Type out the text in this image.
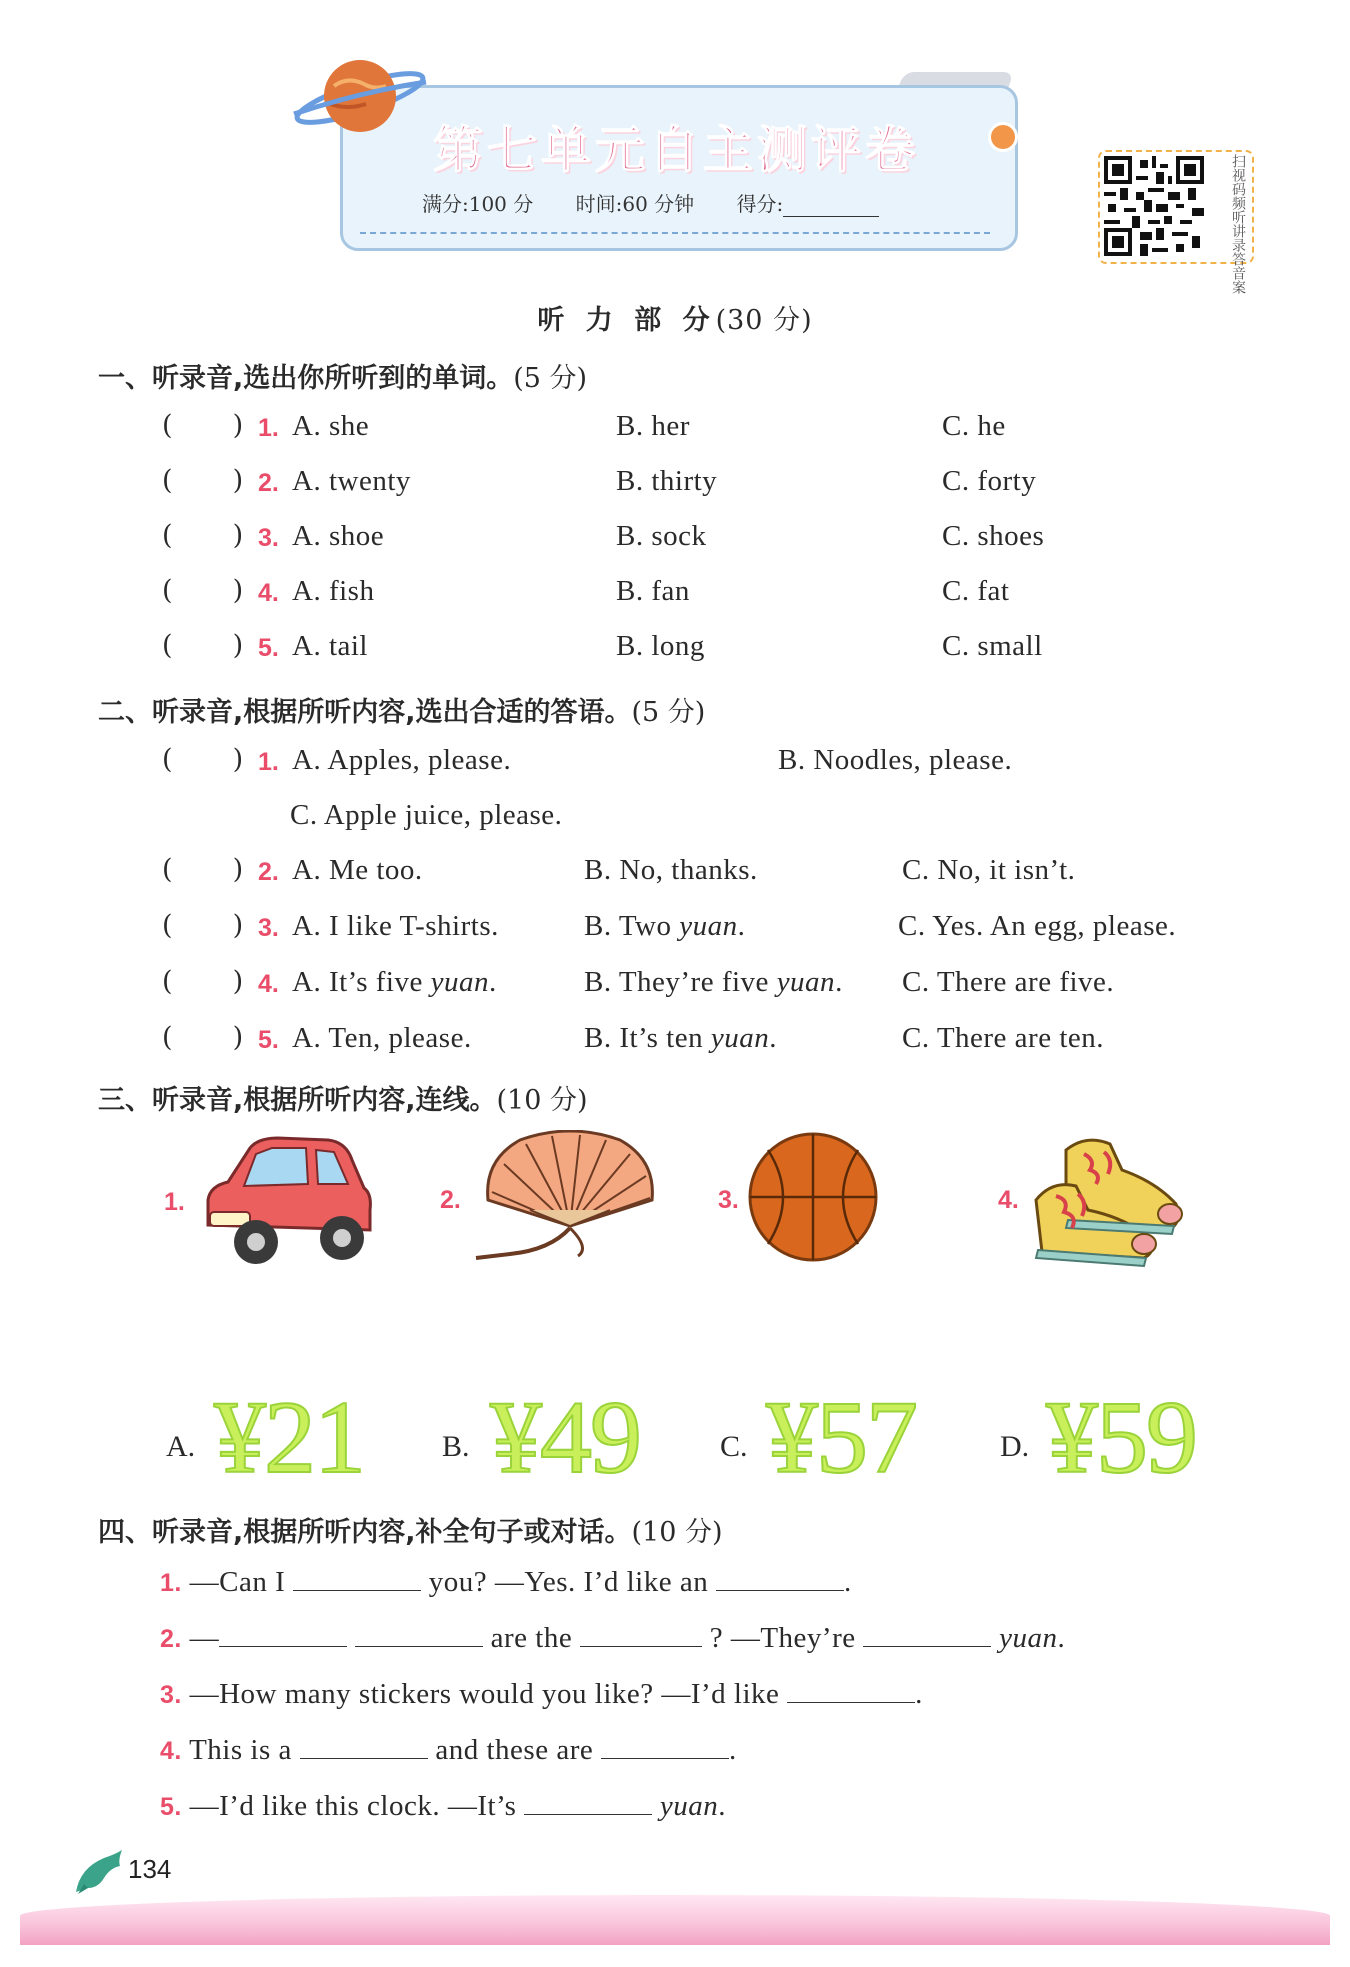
第七单元自主测评卷
满分:100 分 时间:60 分钟 得分:	扫视码频听讲录答音案
听 力 部 分(30 分)
一、听录音,选出你所听到的单词。(5 分)
(       ) 1. A. she	B. her	C. he
(       ) 2. A. twenty	B. thirty	C. forty
(       ) 3. A. shoe	B. sock	C. shoes
(       ) 4. A. fish	B. fan	C. fat
(       ) 5. A. tail	B. long	C. small
二、听录音,根据所听内容,选出合适的答语。(5 分)
(       ) 1. A. Apples, please.	B. Noodles, please.
C. Apple juice, please.
(       ) 2. A. Me too.	B. No, thanks.	C. No, it isn’t.
(       ) 3. A. I like T-shirts.	B. Two yuan.	C. Yes. An egg, please.
(       ) 4. A. It’s five yuan.	B. They’re five yuan. C. There are five.
(       ) 5. A. Ten, please.	B. It’s ten yuan.	C. There are ten.
三、听录音,根据所听内容,连线。(10 分)
1.	2.	3.	4.
A. ¥21	B. ¥49	C. ¥57	D. ¥59
四、听录音,根据所听内容,补全句子或对话。(10 分)
1. —Can I	you? —Yes. I’d like an	.
2. —	are the	? —They’re	yuan.
3. —How many stickers would you like? —I’d like	.
4. This is a	and these are	.
5. —I’d like this clock. —It’s	yuan.
134
